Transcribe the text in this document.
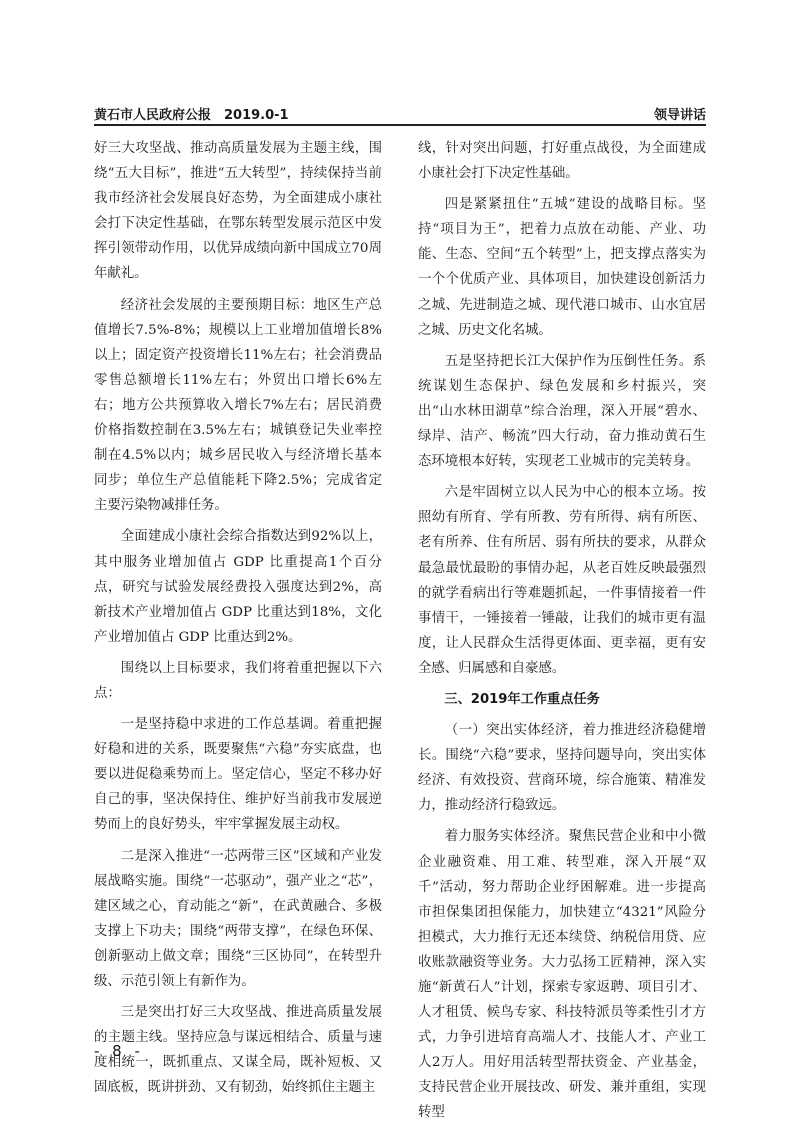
黄石市人民政府公报　2019.0-1	领导讲话

好三大攻坚战、推动高质量发展为主题主线，围绕“五大目标”，推进“五大转型”，持续保持当前我市经济社会发展良好态势，为全面建成小康社会打下决定性基础，在鄂东转型发展示范区中发挥引领带动作用，以优异成绩向新中国成立70周年献礼。

经济社会发展的主要预期目标：地区生产总值增长7.5%-8%；规模以上工业增加值增长8%以上；固定资产投资增长11%左右；社会消费品零售总额增长11%左右；外贸出口增长6%左右；地方公共预算收入增长7%左右；居民消费价格指数控制在3.5%左右；城镇登记失业率控制在4.5%以内；城乡居民收入与经济增长基本同步；单位生产总值能耗下降2.5%；完成省定主要污染物减排任务。

全面建成小康社会综合指数达到92%以上，其中服务业增加值占 GDP 比重提高1个百分点，研究与试验发展经费投入强度达到2%，高新技术产业增加值占 GDP 比重达到18%，文化产业增加值占 GDP 比重达到2%。

围绕以上目标要求，我们将着重把握以下六点：

一是坚持稳中求进的工作总基调。着重把握好稳和进的关系，既要聚焦“六稳”夯实底盘，也要以进促稳乘势而上。坚定信心，坚定不移办好自己的事，坚决保持住、维护好当前我市发展逆势而上的良好势头，牢牢掌握发展主动权。

二是深入推进“一芯两带三区”区域和产业发展战略实施。围绕“一芯驱动”，强产业之“芯”，建区域之心，育动能之“新”，在武黄融合、多极支撑上下功夫；围绕“两带支撑”，在绿色环保、创新驱动上做文章；围绕“三区协同”，在转型升级、示范引领上有新作为。

三是突出打好三大攻坚战、推进高质量发展的主题主线。坚持应急与谋远相结合、质量与速度相统一，既抓重点、又谋全局，既补短板、又固底板，既讲拼劲、又有韧劲，始终抓住主题主

线，针对突出问题，打好重点战役，为全面建成小康社会打下决定性基础。

四是紧紧扭住“五城”建设的战略目标。坚持“项目为王”，把着力点放在动能、产业、功能、生态、空间“五个转型”上，把支撑点落实为一个个优质产业、具体项目，加快建设创新活力之城、先进制造之城、现代港口城市、山水宜居之城、历史文化名城。

五是坚持把长江大保护作为压倒性任务。系统谋划生态保护、绿色发展和乡村振兴，突出“山水林田湖草”综合治理，深入开展“碧水、绿岸、洁产、畅流”四大行动，奋力推动黄石生态环境根本好转，实现老工业城市的完美转身。

六是牢固树立以人民为中心的根本立场。按照幼有所育、学有所教、劳有所得、病有所医、老有所养、住有所居、弱有所扶的要求，从群众最急最忧最盼的事情办起，从老百姓反映最强烈的就学看病出行等难题抓起，一件事情接着一件事情干，一锤接着一锤敲，让我们的城市更有温度，让人民群众生活得更体面、更幸福，更有安全感、归属感和自豪感。

三、2019年工作重点任务

（一）突出实体经济，着力推进经济稳健增长。围绕“六稳”要求，坚持问题导向，突出实体经济、有效投资、营商环境，综合施策、精准发力，推动经济行稳致远。

着力服务实体经济。聚焦民营企业和中小微企业融资难、用工难、转型难，深入开展“双千”活动，努力帮助企业纾困解难。进一步提高市担保集团担保能力，加快建立“4321”风险分担模式，大力推行无还本续贷、纳税信用贷、应收账款融资等业务。大力弘扬工匠精神，深入实施“新黄石人”计划，探索专家返聘、项目引才、人才租赁、候鸟专家、科技特派员等柔性引才方式，力争引进培育高端人才、技能人才、产业工人2万人。用好用活转型帮扶资金、产业基金，支持民营企业开展技改、研发、兼并重组，实现转型

- 8 -
